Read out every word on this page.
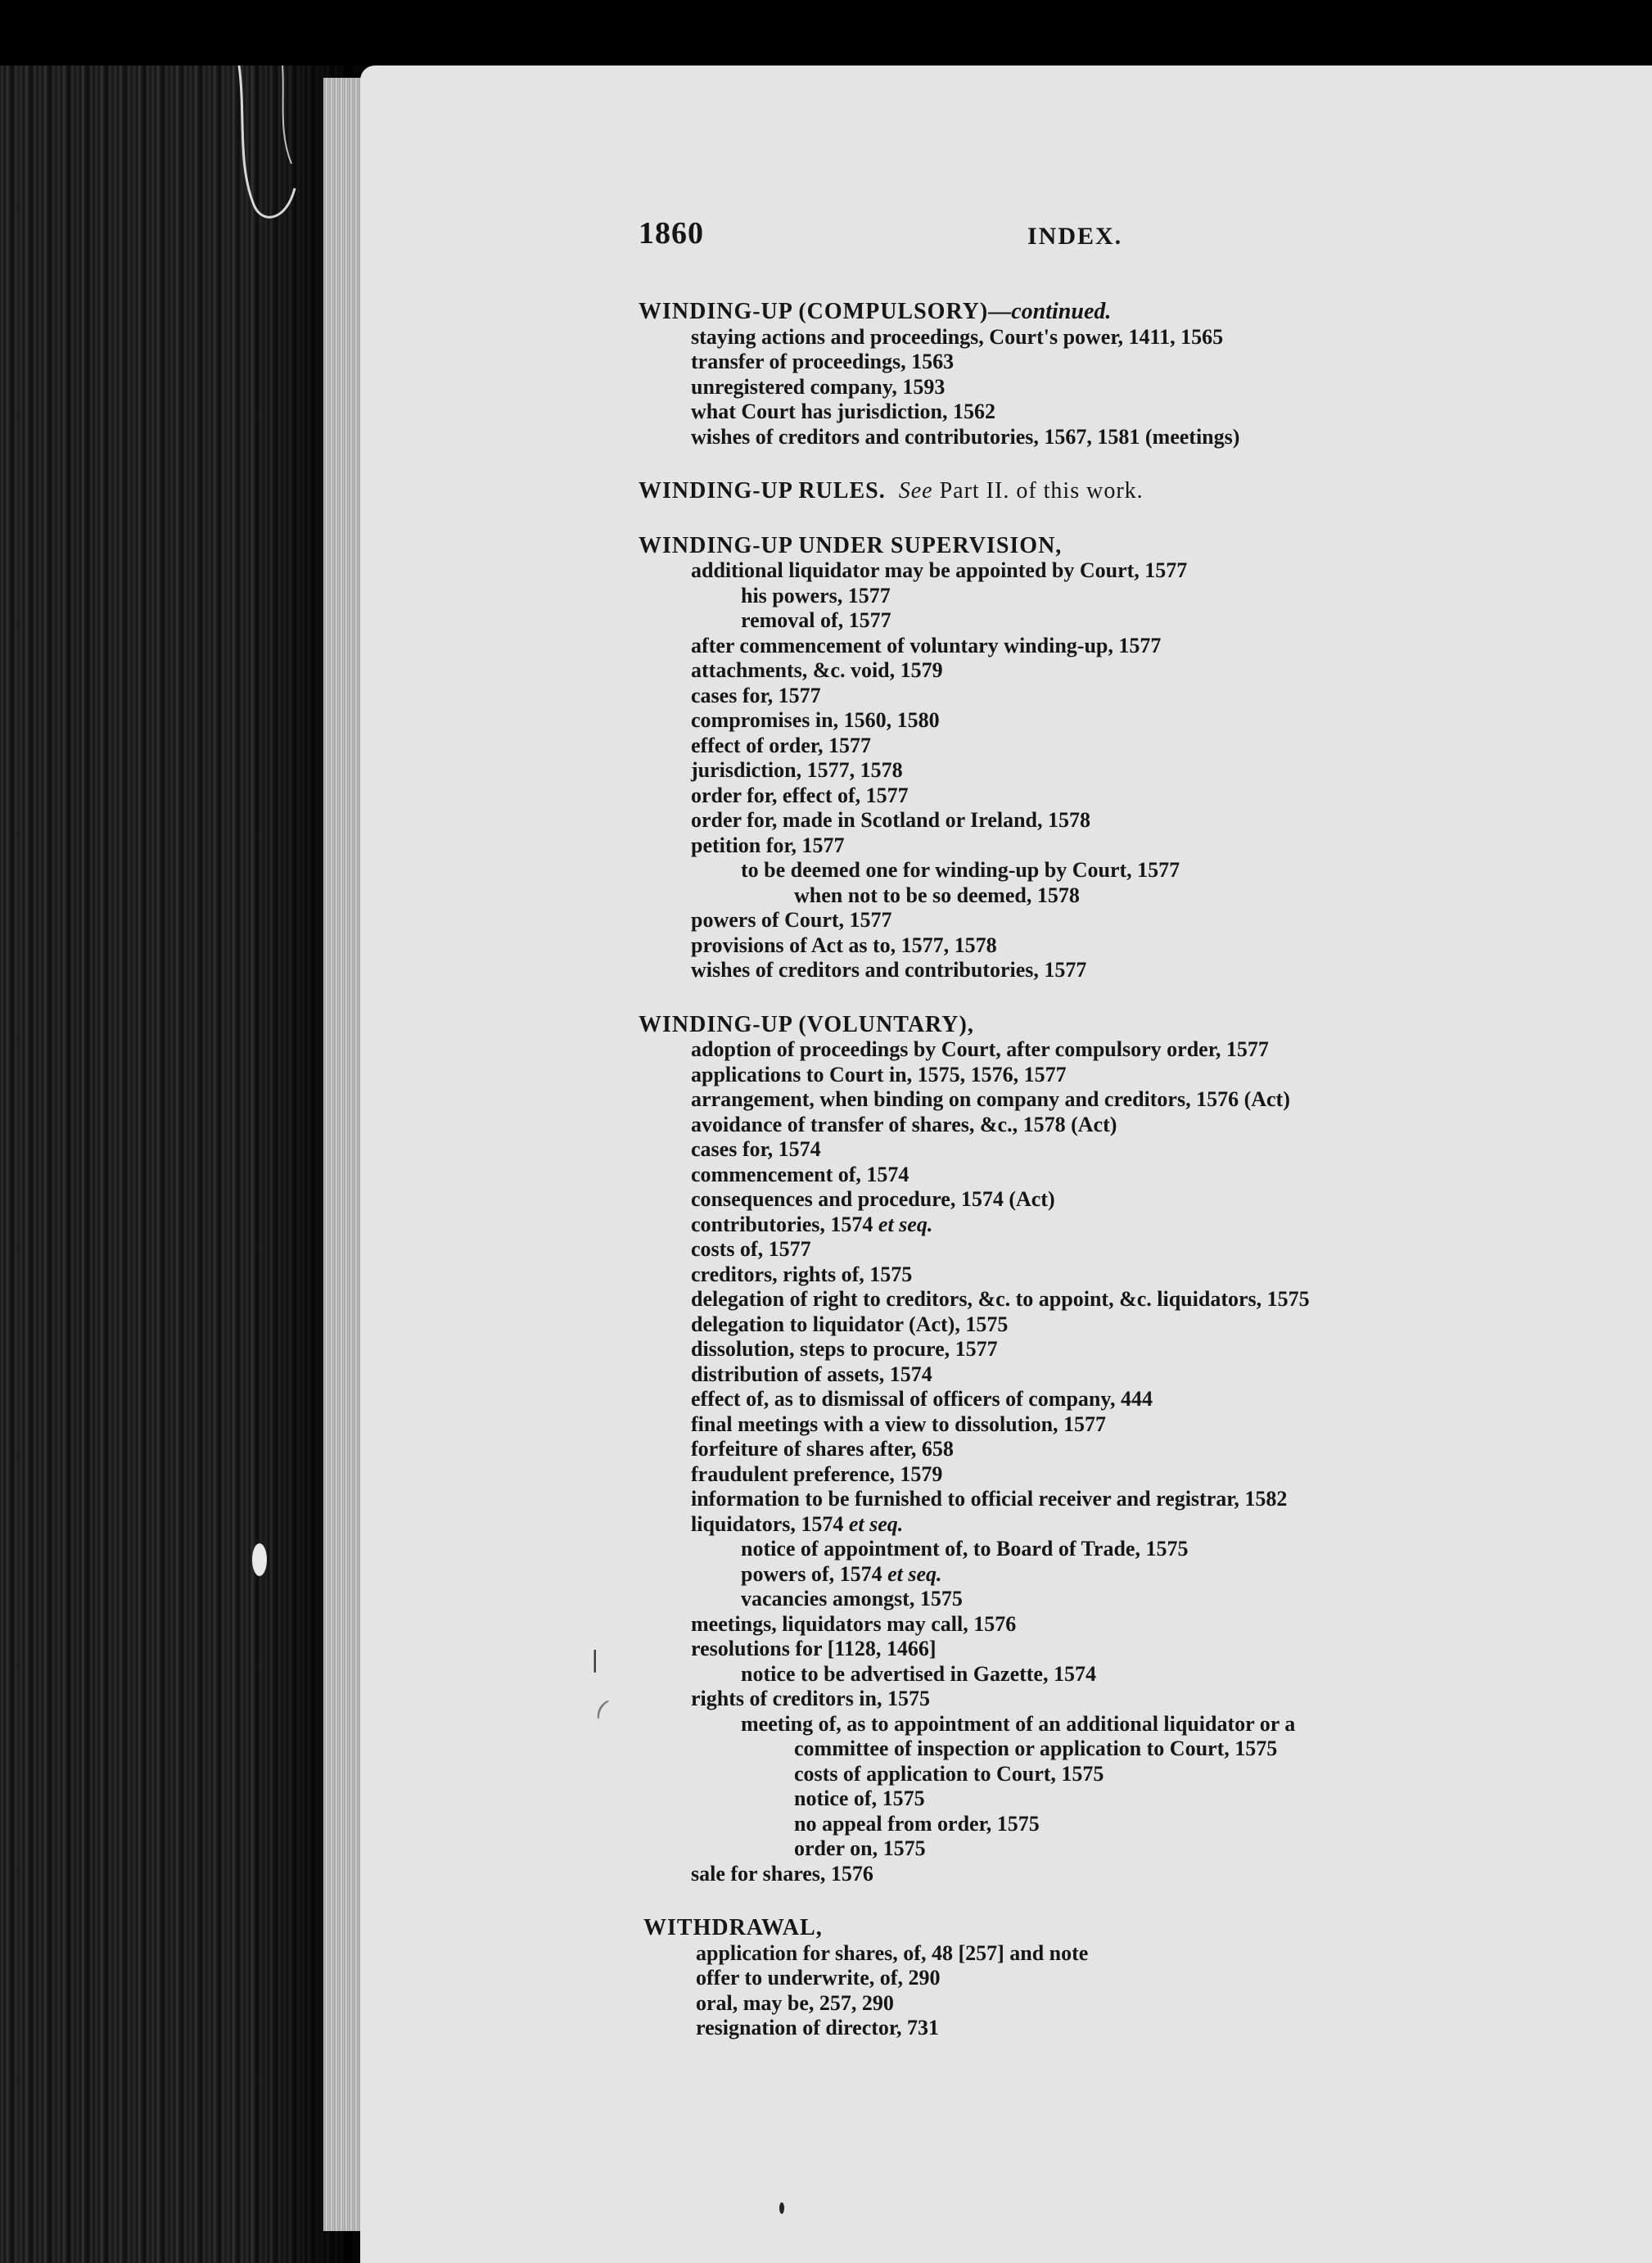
1860	INDEX.
WINDING-UP (COMPULSORY)—continued.
staying actions and proceedings, Court's power, 1411, 1565
transfer of proceedings, 1563
unregistered company, 1593
what Court has jurisdiction, 1562
wishes of creditors and contributories, 1567, 1581 (meetings)
WINDING-UP RULES. See Part II. of this work.
WINDING-UP UNDER SUPERVISION,
additional liquidator may be appointed by Court, 1577
his powers, 1577
removal of, 1577
after commencement of voluntary winding-up, 1577
attachments, &c. void, 1579
cases for, 1577
compromises in, 1560, 1580
effect of order, 1577
jurisdiction, 1577, 1578
order for, effect of, 1577
order for, made in Scotland or Ireland, 1578
petition for, 1577
to be deemed one for winding-up by Court, 1577
when not to be so deemed, 1578
powers of Court, 1577
provisions of Act as to, 1577, 1578
wishes of creditors and contributories, 1577
WINDING-UP (VOLUNTARY),
adoption of proceedings by Court, after compulsory order, 1577
applications to Court in, 1575, 1576, 1577
arrangement, when binding on company and creditors, 1576 (Act)
avoidance of transfer of shares, &c., 1578 (Act)
cases for, 1574
commencement of, 1574
consequences and procedure, 1574 (Act)
contributories, 1574 et seq.
costs of, 1577
creditors, rights of, 1575
delegation of right to creditors, &c. to appoint, &c. liquidators, 1575
delegation to liquidator (Act), 1575
dissolution, steps to procure, 1577
distribution of assets, 1574
effect of, as to dismissal of officers of company, 444
final meetings with a view to dissolution, 1577
forfeiture of shares after, 658
fraudulent preference, 1579
information to be furnished to official receiver and registrar, 1582
liquidators, 1574 et seq.
notice of appointment of, to Board of Trade, 1575
powers of, 1574 et seq.
vacancies amongst, 1575
meetings, liquidators may call, 1576
resolutions for [1128, 1466]
notice to be advertised in Gazette, 1574
rights of creditors in, 1575
meeting of, as to appointment of an additional liquidator or a
committee of inspection or application to Court, 1575
costs of application to Court, 1575
notice of, 1575
no appeal from order, 1575
order on, 1575
sale for shares, 1576
WITHDRAWAL,
application for shares, of, 48 [257] and note
offer to underwrite, of, 290
oral, may be, 257, 290
resignation of director, 731
|
(
